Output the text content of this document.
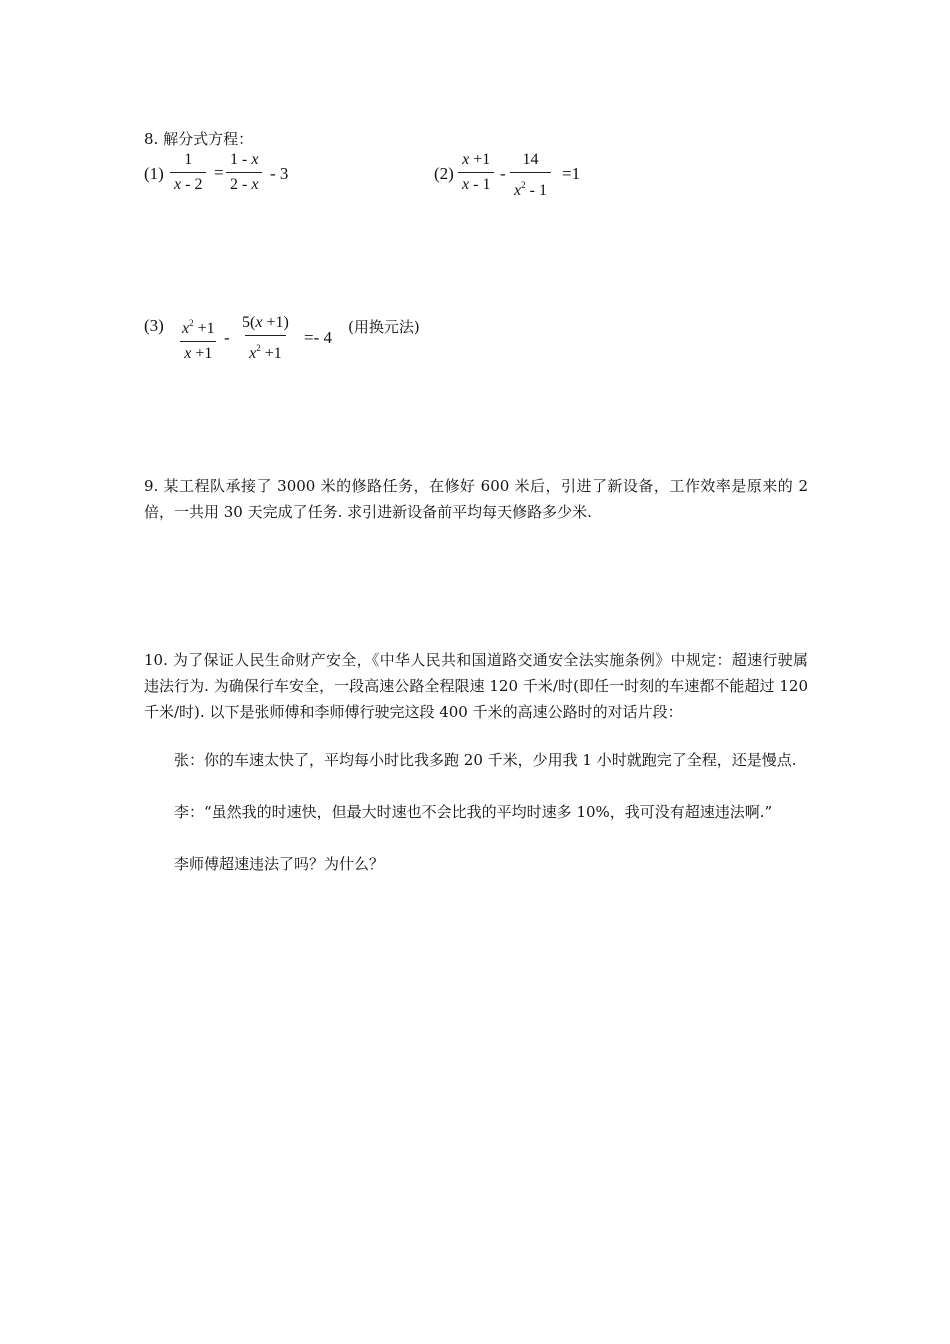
8. 解分式方程：
$(1) \frac{1}{x - 2} = \frac{1 - x}{2 - x} - 3$	$(2) \frac{x +1}{x - 1} - \frac{14}{x^2 - 1} =1$
$(3) \frac{x^2 +1}{x +1} - \frac{5(x +1)}{x^2 +1} =- 4$
(用换元法)
9. 某工程队承接了 3000 米的修路任务，在修好 600 米后，引进了新设备，工作效率是原来的 2 倍，一共用 30 天完成了任务. 求引进新设备前平均每天修路多少米.
10. 为了保证人民生命财产安全，《中华人民共和国道路交通安全法实施条例》中规定：超速行驶属违法行为. 为确保行车安全，一段高速公路全程限速 120 千米/时(即任一时刻的车速都不能超过 120 千米/时). 以下是张师傅和李师傅行驶完这段 400 千米的高速公路时的对话片段：
张：你的车速太快了，平均每小时比我多跑 20 千米，少用我 1 小时就跑完了全程，还是慢点.
李：“虽然我的时速快，但最大时速也不会比我的平均时速多 10%，我可没有超速违法啊.”
李师傅超速违法了吗？为什么？
